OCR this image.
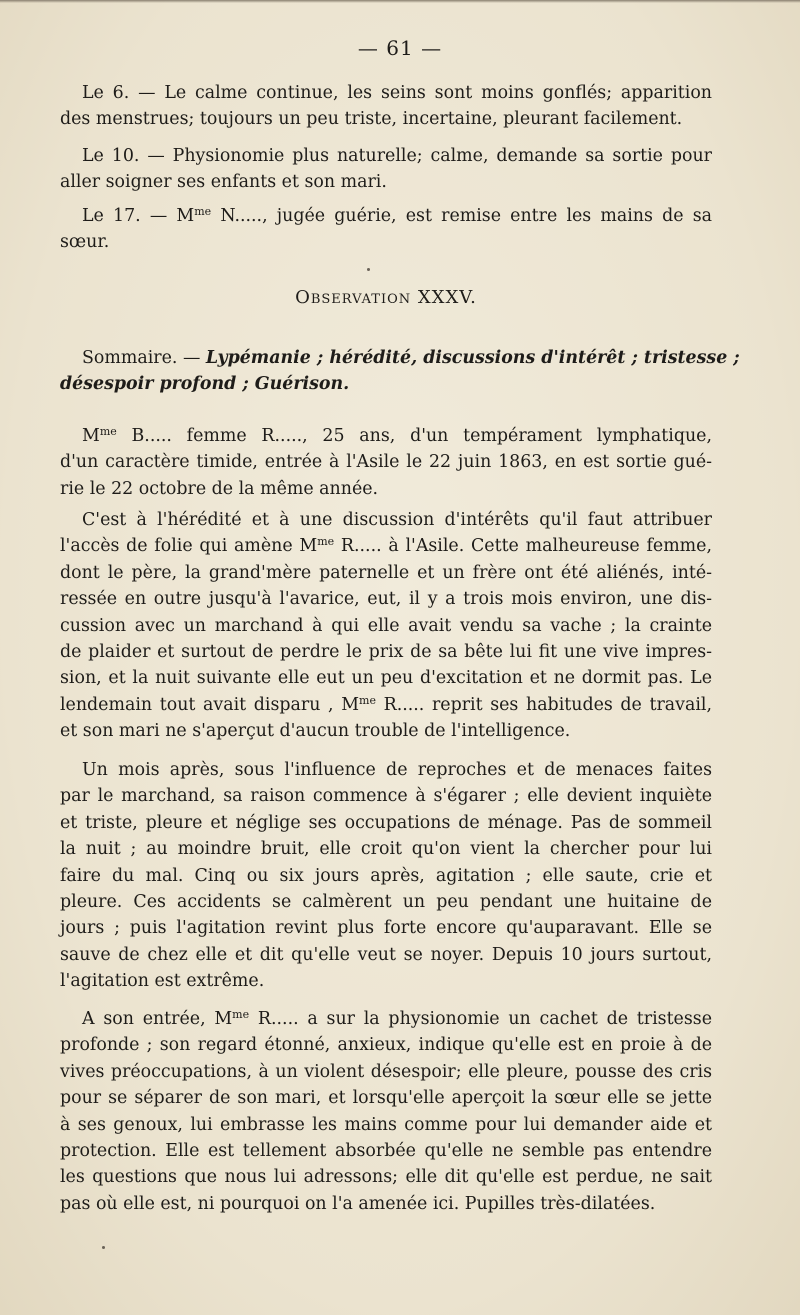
— 61 —
Le 6. — Le calme continue, les seins sont moins gonflés; apparition
des menstrues; toujours un peu triste, incertaine, pleurant facilement.
Le 10. — Physionomie plus naturelle; calme, demande sa sortie pour
aller soigner ses enfants et son mari.
Le 17. — $M^{me}$ N....., jugée guérie, est remise entre les mains de sa
sœur.
Observation XXXV.
Sommaire. — Lypémanie ; hérédité, discussions d'intérêt ; tristesse ;
désespoir profond ; Guérison.
$M^{me}$ B..... femme R....., 25 ans, d'un tempérament lymphatique,
d'un caractère timide, entrée à l'Asile le 22 juin 1863, en est sortie gué-
rie le 22 octobre de la même année.
C'est à l'hérédité et à une discussion d'intérêts qu'il faut attribuer
l'accès de folie qui amène $M^{me}$ R..... à l'Asile. Cette malheureuse femme,
dont le père, la grand'mère paternelle et un frère ont été aliénés, inté-
ressée en outre jusqu'à l'avarice, eut, il y a trois mois environ, une dis-
cussion avec un marchand à qui elle avait vendu sa vache ; la crainte
de plaider et surtout de perdre le prix de sa bête lui fit une vive impres-
sion, et la nuit suivante elle eut un peu d'excitation et ne dormit pas. Le
lendemain tout avait disparu , $M^{me}$ R..... reprit ses habitudes de travail,
et son mari ne s'aperçut d'aucun trouble de l'intelligence.
Un mois après, sous l'influence de reproches et de menaces faites
par le marchand, sa raison commence à s'égarer ; elle devient inquiète
et triste, pleure et néglige ses occupations de ménage. Pas de sommeil
la nuit ; au moindre bruit, elle croit qu'on vient la chercher pour lui
faire du mal. Cinq ou six jours après, agitation ; elle saute, crie et
pleure. Ces accidents se calmèrent un peu pendant une huitaine de
jours ; puis l'agitation revint plus forte encore qu'auparavant. Elle se
sauve de chez elle et dit qu'elle veut se noyer. Depuis 10 jours surtout,
l'agitation est extrême.
A son entrée, $M^{me}$ R..... a sur la physionomie un cachet de tristesse
profonde ; son regard étonné, anxieux, indique qu'elle est en proie à de
vives préoccupations, à un violent désespoir; elle pleure, pousse des cris
pour se séparer de son mari, et lorsqu'elle aperçoit la sœur elle se jette
à ses genoux, lui embrasse les mains comme pour lui demander aide et
protection. Elle est tellement absorbée qu'elle ne semble pas entendre
les questions que nous lui adressons; elle dit qu'elle est perdue, ne sait
pas où elle est, ni pourquoi on l'a amenée ici. Pupilles très-dilatées.
